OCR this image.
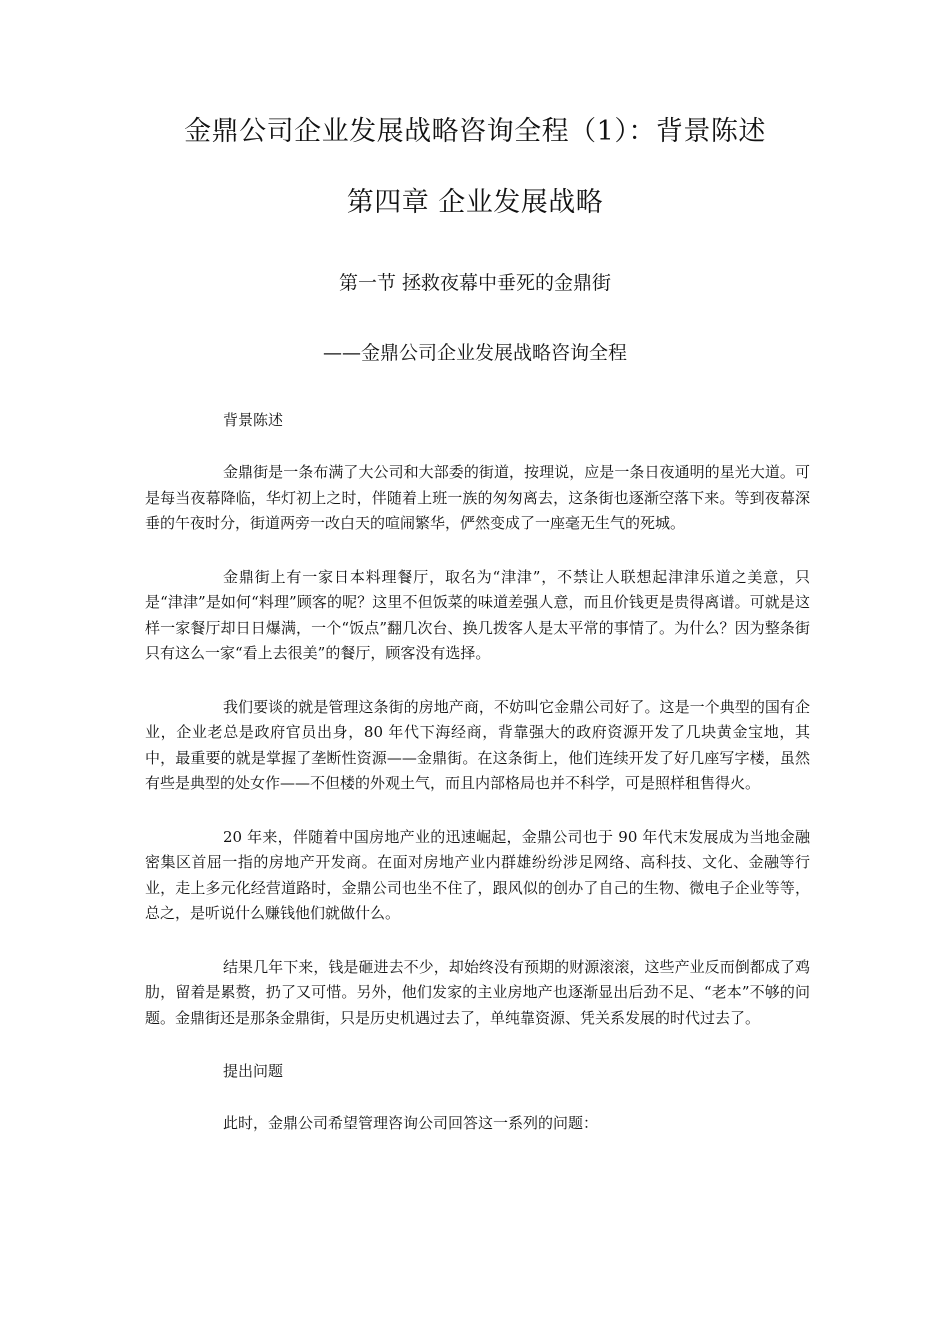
金鼎公司企业发展战略咨询全程（1）：背景陈述
第四章 企业发展战略
第一节 拯救夜幕中垂死的金鼎街
——金鼎公司企业发展战略咨询全程

背景陈述

金鼎街是一条布满了大公司和大部委的街道，按理说，应是一条日夜通明的星光大道。可是每当夜幕降临，华灯初上之时，伴随着上班一族的匆匆离去，这条街也逐渐空落下来。等到夜幕深垂的午夜时分，街道两旁一改白天的喧闹繁华，俨然变成了一座毫无生气的死城。

金鼎街上有一家日本料理餐厅，取名为“津津”，不禁让人联想起津津乐道之美意，只是“津津”是如何“料理”顾客的呢？这里不但饭菜的味道差强人意，而且价钱更是贵得离谱。可就是这样一家餐厅却日日爆满，一个“饭点”翻几次台、换几拨客人是太平常的事情了。为什么？因为整条街只有这么一家“看上去很美”的餐厅，顾客没有选择。

我们要谈的就是管理这条街的房地产商，不妨叫它金鼎公司好了。这是一个典型的国有企业，企业老总是政府官员出身，80 年代下海经商，背靠强大的政府资源开发了几块黄金宝地，其中，最重要的就是掌握了垄断性资源——金鼎街。在这条街上，他们连续开发了好几座写字楼，虽然有些是典型的处女作——不但楼的外观土气，而且内部格局也并不科学，可是照样租售得火。

20 年来，伴随着中国房地产业的迅速崛起，金鼎公司也于 90 年代末发展成为当地金融密集区首屈一指的房地产开发商。在面对房地产业内群雄纷纷涉足网络、高科技、文化、金融等行业，走上多元化经营道路时，金鼎公司也坐不住了，跟风似的创办了自己的生物、微电子企业等等，总之，是听说什么赚钱他们就做什么。

结果几年下来，钱是砸进去不少，却始终没有预期的财源滚滚，这些产业反而倒都成了鸡肋，留着是累赘，扔了又可惜。另外，他们发家的主业房地产也逐渐显出后劲不足、“老本”不够的问题。金鼎街还是那条金鼎街，只是历史机遇过去了，单纯靠资源、凭关系发展的时代过去了。

提出问题

此时，金鼎公司希望管理咨询公司回答这一系列的问题：
